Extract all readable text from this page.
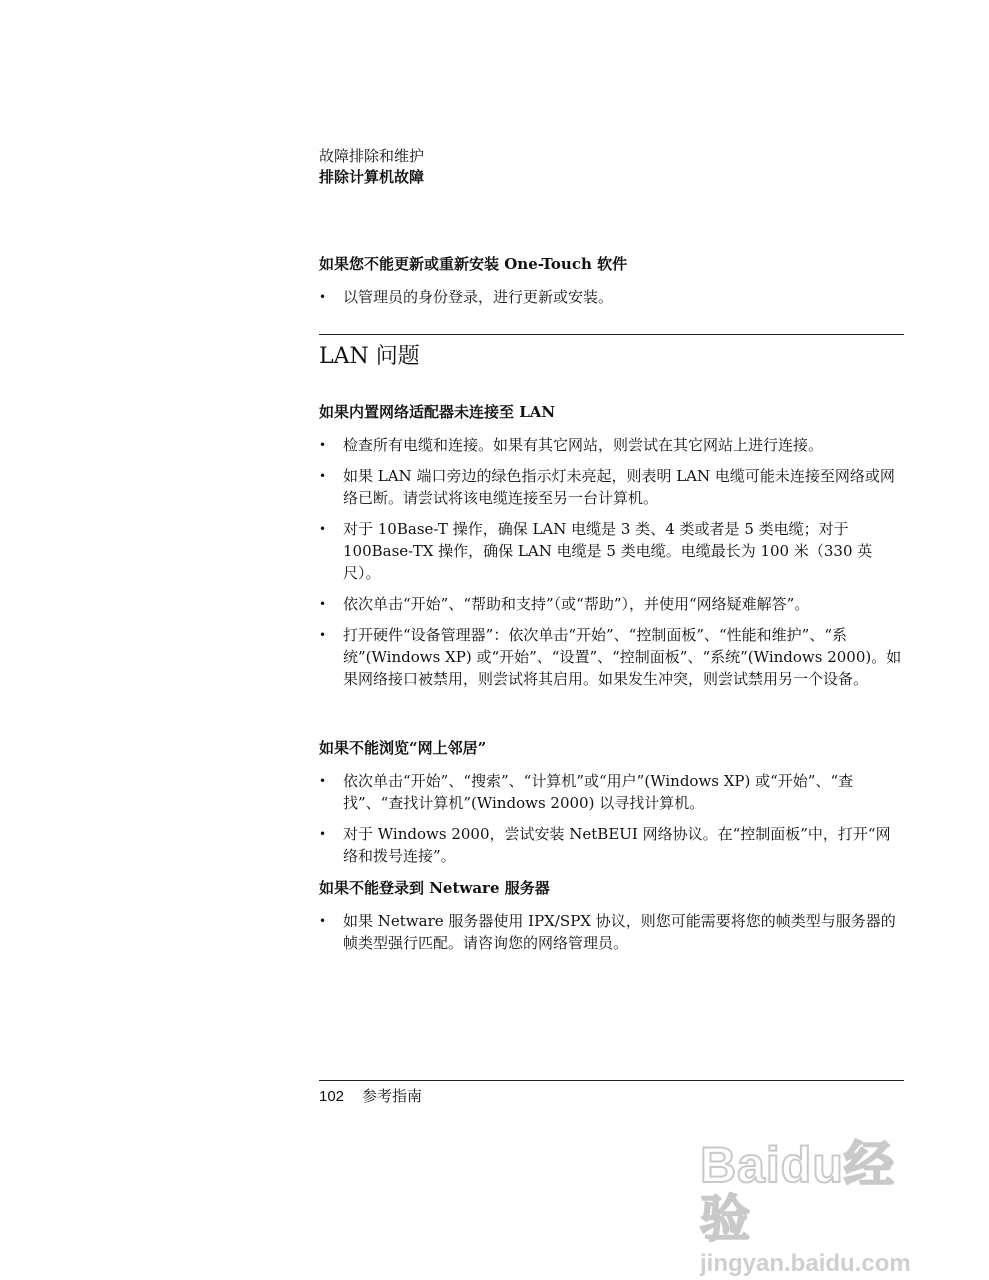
故障排除和维护
排除计算机故障
如果您不能更新或重新安装 One-Touch 软件
•	以管理员的身份登录，进行更新或安装。
LAN 问题
如果内置网络适配器未连接至 LAN
•	检查所有电缆和连接。如果有其它网站，则尝试在其它网站上进行连接。
•	如果 LAN 端口旁边的绿色指示灯未亮起，则表明 LAN 电缆可能未连接至网络或网络已断。请尝试将该电缆连接至另一台计算机。
•	对于 10Base-T 操作，确保 LAN 电缆是 3 类、4 类或者是 5 类电缆；对于 100Base-TX 操作，确保 LAN 电缆是 5 类电缆。电缆最长为 100 米（330 英尺）。
•	依次单击“开始”、“帮助和支持”（或“帮助”），并使用“网络疑难解答”。
•	打开硬件“设备管理器”：依次单击“开始”、“控制面板”、“性能和维护”、“系统”(Windows XP) 或“开始”、“设置”、“控制面板”、“系统”(Windows 2000)。如果网络接口被禁用，则尝试将其启用。如果发生冲突，则尝试禁用另一个设备。
如果不能浏览“网上邻居”
•	依次单击“开始”、“搜索”、“计算机”或“用户”(Windows XP) 或“开始”、“查找”、“查找计算机”(Windows 2000) 以寻找计算机。
•	对于 Windows 2000，尝试安装 NetBEUI 网络协议。在“控制面板”中，打开“网络和拨号连接”。
如果不能登录到 Netware 服务器
•	如果 Netware 服务器使用 IPX/SPX 协议，则您可能需要将您的帧类型与服务器的帧类型强行匹配。请咨询您的网络管理员。
102 参考指南
Baidu经验
jingyan.baidu.com
